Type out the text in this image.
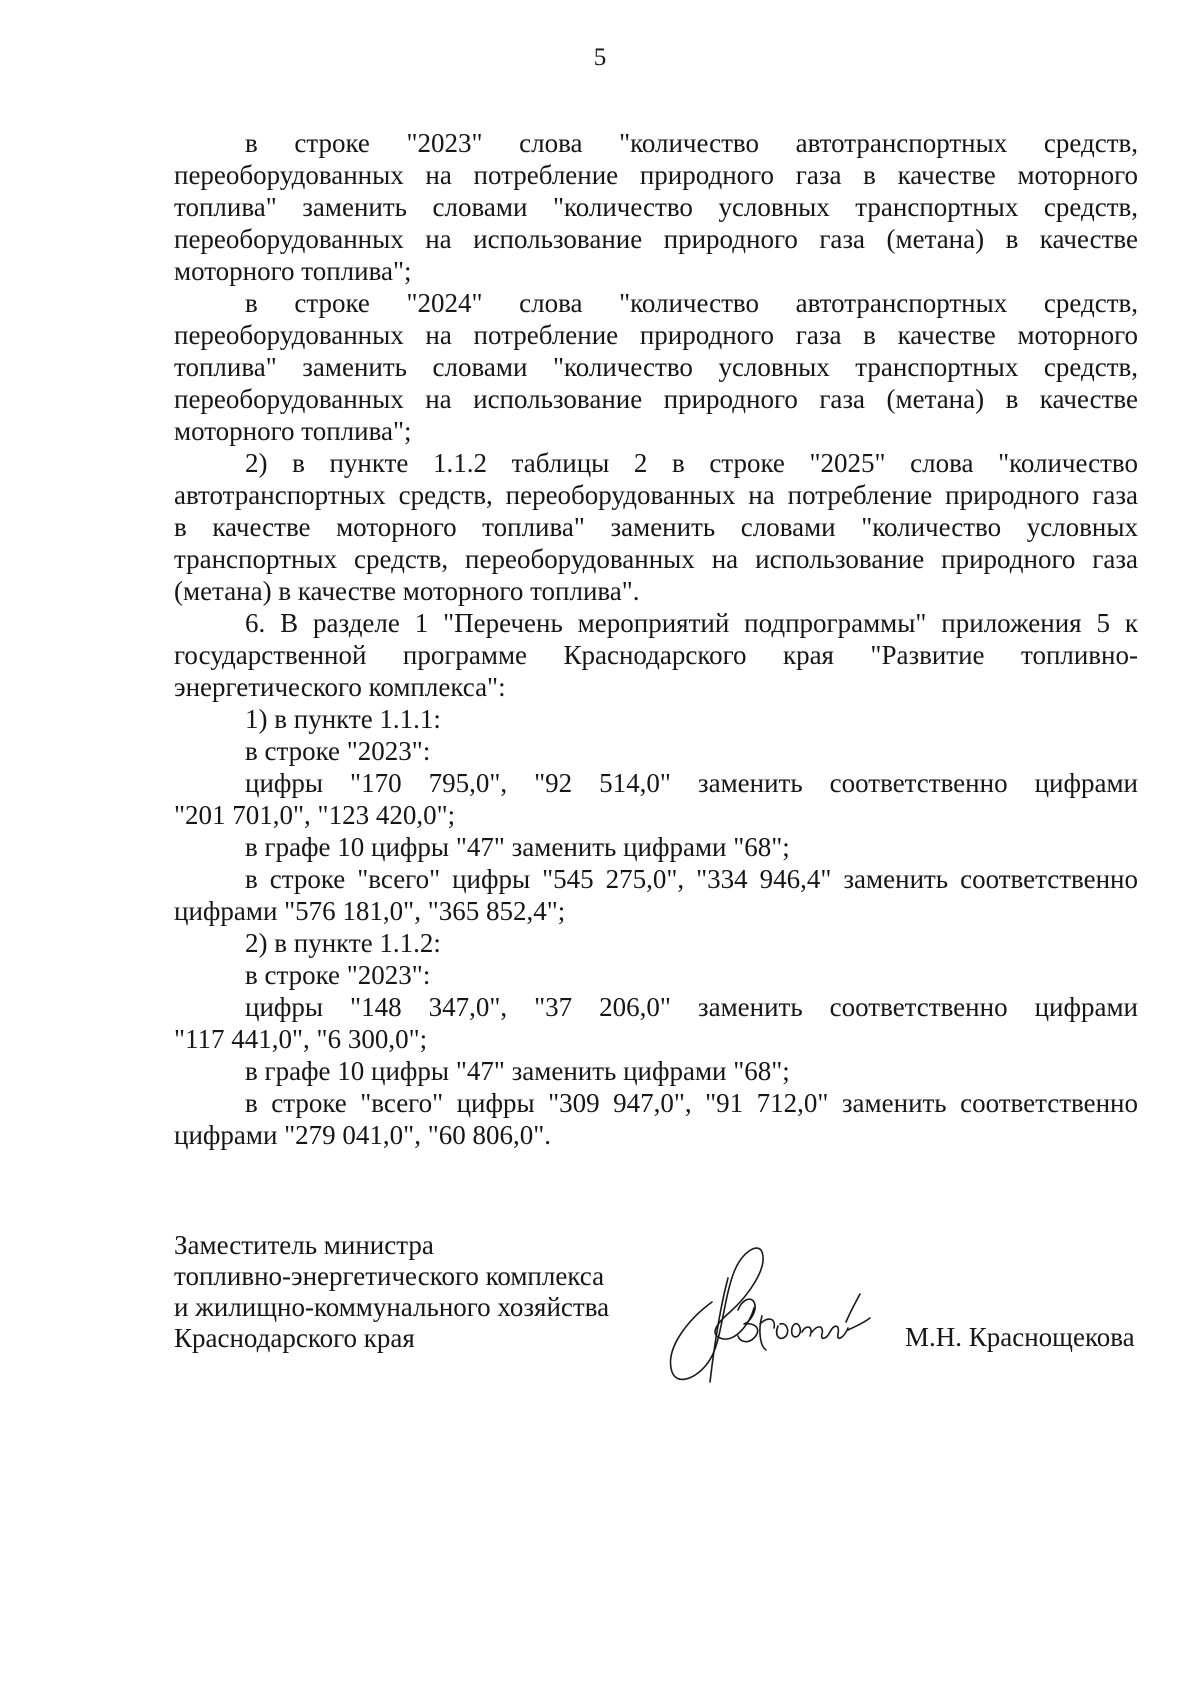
5

в строке "2023" слова "количество автотранспортных средств,
переоборудованных на потребление природного газа в качестве моторного
топлива" заменить словами "количество условных транспортных средств,
переоборудованных на использование природного газа (метана) в качестве
моторного топлива";

в строке "2024" слова "количество автотранспортных средств,
переоборудованных на потребление природного газа в качестве моторного
топлива" заменить словами "количество условных транспортных средств,
переоборудованных на использование природного газа (метана) в качестве
моторного топлива";

2) в пункте 1.1.2 таблицы 2 в строке "2025" слова "количество
автотранспортных средств, переоборудованных на потребление природного газа
в качестве моторного топлива" заменить словами "количество условных
транспортных средств, переоборудованных на использование природного газа
(метана) в качестве моторного топлива".

6. В разделе 1 "Перечень мероприятий подпрограммы" приложения 5 к
государственной программе Краснодарского края "Развитие топливно-
энергетического комплекса":

1) в пункте 1.1.1:

в строке "2023":

цифры "170 795,0", "92 514,0" заменить соответственно цифрами
"201 701,0", "123 420,0";

в графе 10 цифры "47" заменить цифрами "68";

в строке "всего" цифры "545 275,0", "334 946,4" заменить соответственно
цифрами "576 181,0", "365 852,4";

2) в пункте 1.1.2:

в строке "2023":

цифры "148 347,0", "37 206,0" заменить соответственно цифрами
"117 441,0", "6 300,0";

в графе 10 цифры "47" заменить цифрами "68";

в строке "всего" цифры "309 947,0", "91 712,0" заменить соответственно
цифрами "279 041,0", "60 806,0".

Заместитель министра
топливно-энергетического комплекса
и жилищно-коммунального хозяйства
Краснодарского края	М.Н. Краснощекова
